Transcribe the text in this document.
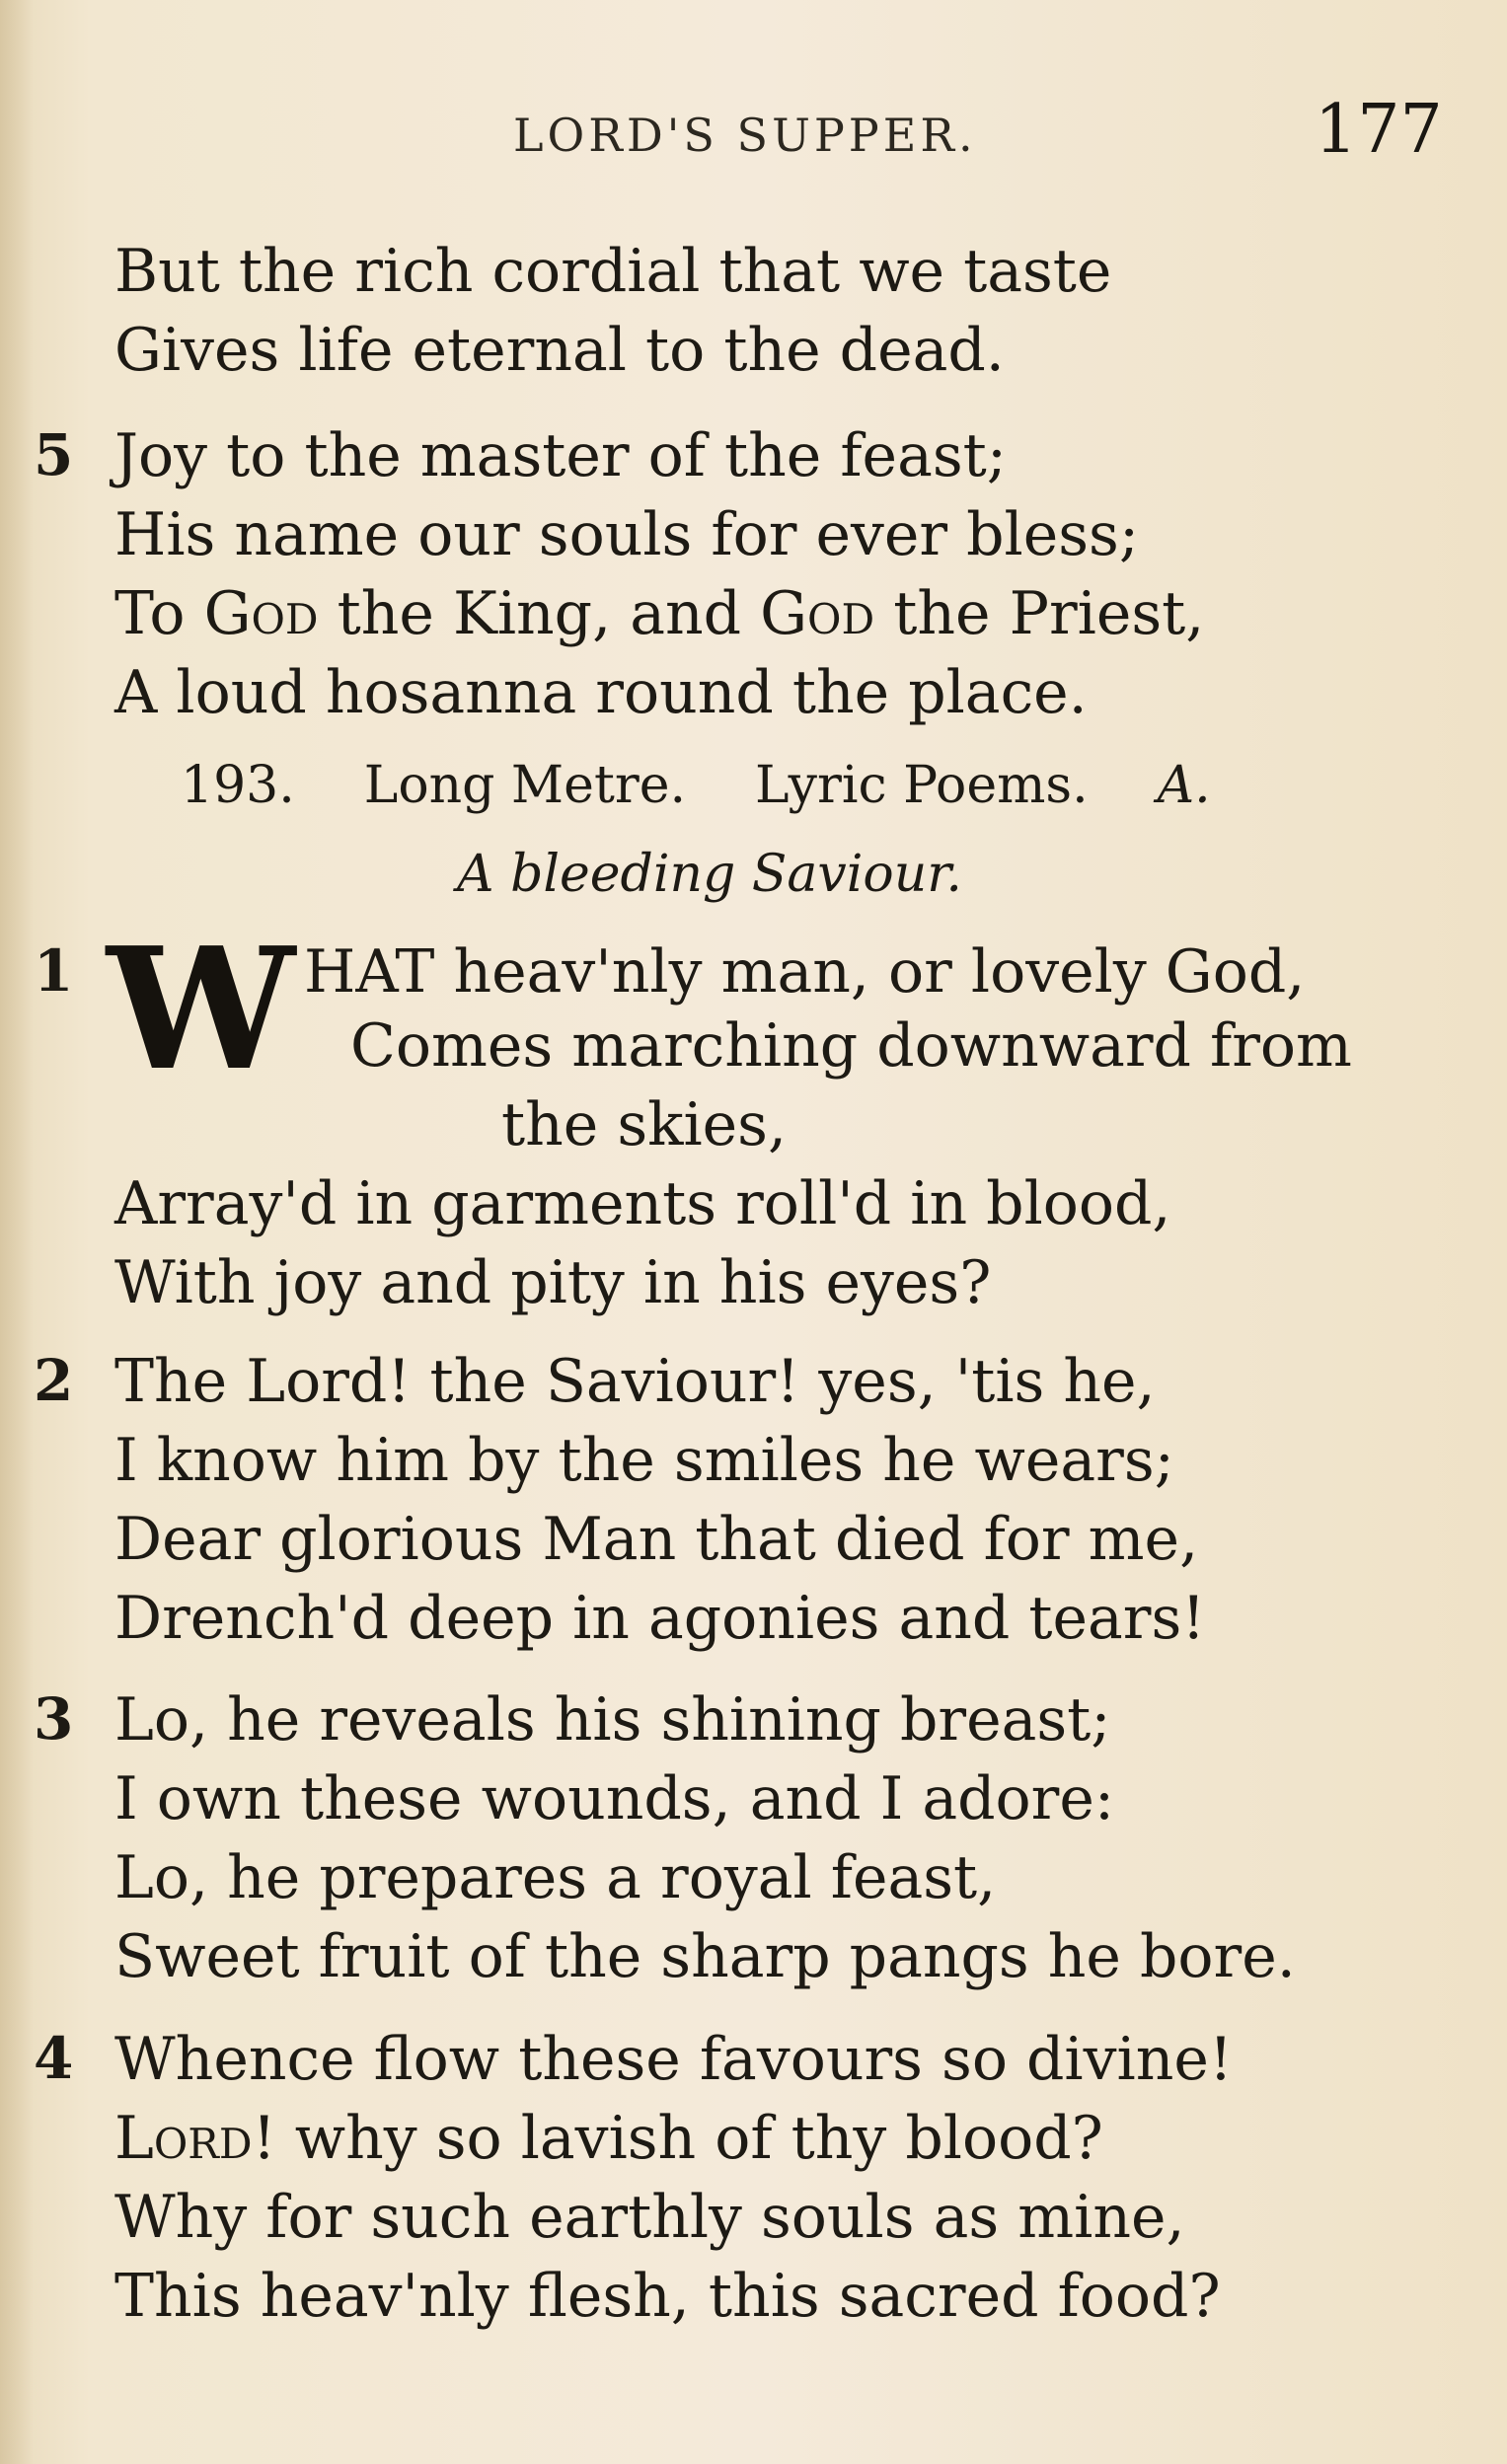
LORD'S SUPPER.	177
But the rich cordial that we taste
Gives life eternal to the dead.
5 Joy to the master of the feast;
His name our souls for ever bless;
To God the King, and God the Priest,
A loud hosanna round the place.
193. Long Metre. Lyric Poems. A.
A bleeding Saviour.
W
1	HAT heav'nly man, or lovely God,
Comes marching downward from
the skies,
Array'd in garments roll'd in blood,
With joy and pity in his eyes?
2 The Lord! the Saviour! yes, 'tis he,
I know him by the smiles he wears;
Dear glorious Man that died for me,
Drench'd deep in agonies and tears!
3 Lo, he reveals his shining breast;
I own these wounds, and I adore:
Lo, he prepares a royal feast,
Sweet fruit of the sharp pangs he bore.
4 Whence flow these favours so divine!
Lord! why so lavish of thy blood?
Why for such earthly souls as mine,
This heav'nly flesh, this sacred food?
